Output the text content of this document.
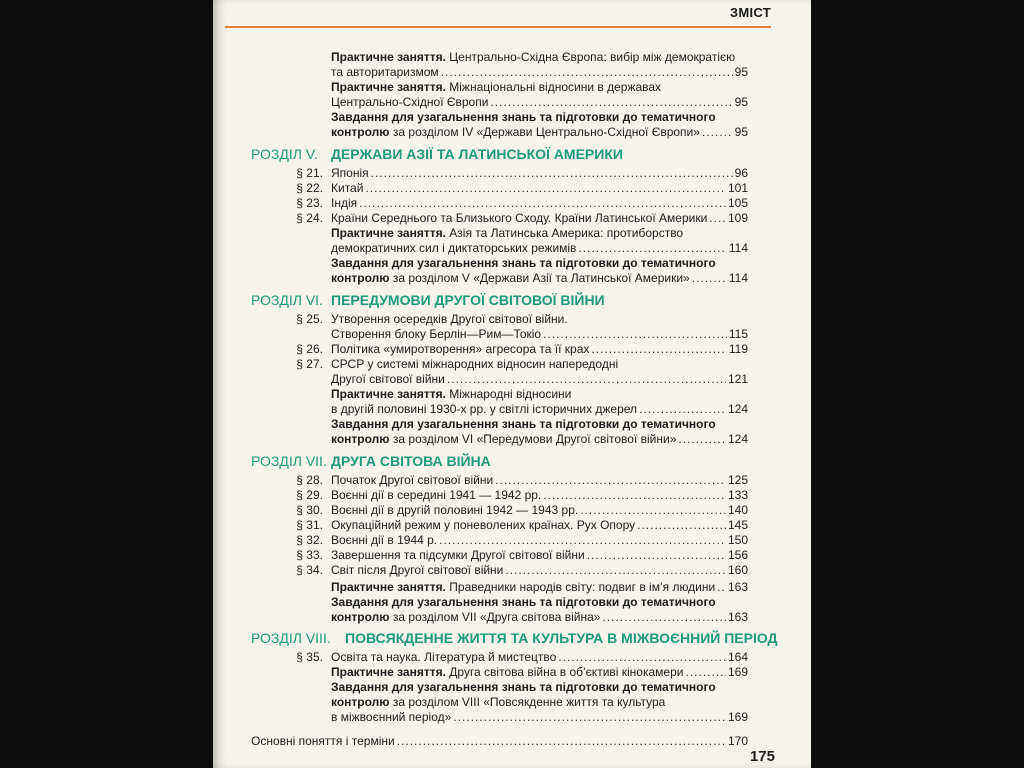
ЗМІСТ
Практичне заняття. Центрально-Східна Європа: вибір між демократією
та авторитаризмом .....	95
Практичне заняття. Міжнаціональні відносини в державах
Центрально-Східної Європи .....	95
Завдання для узагальнення знань та підготовки до тематичного
контролю за розділом IV «Держави Центрально-Східної Європи» .....	95
РОЗДІЛ V. ДЕРЖАВИ АЗІЇ ТА ЛАТИНСЬКОЇ АМЕРИКИ
§ 21. Японія .....	96
§ 22. Китай .....	101
§ 23. Індія .....	105
§ 24. Країни Середнього та Близького Сходу. Країни Латинської Америки ..... 109
Практичне заняття. Азія та Латинська Америка: протиборство
демократичних сил і диктаторських режимів .....	114
Завдання для узагальнення знань та підготовки до тематичного
контролю за розділом V «Держави Азії та Латинської Америки» .....	114
РОЗДІЛ VI. ПЕРЕДУМОВИ ДРУГОЇ СВІТОВОЇ ВІЙНИ
§ 25. Утворення осередків Другої світової війни.
Створення блоку Берлін—Рим—Токіо .....	115
§ 26. Політика «умиротворення» агресора та її крах .....	119
§ 27. СРСР у системі міжнародних відносин напередодні
Другої світової війни .....	121
Практичне заняття. Міжнародні відносини
в другій половині 1930-х рр. у світлі історичних джерел .....	124
Завдання для узагальнення знань та підготовки до тематичного
контролю за розділом VI «Передумови Другої світової війни» .....	124
РОЗДІЛ VII. ДРУГА СВІТОВА ВІЙНА
§ 28. Початок Другої світової війни .....	125
§ 29. Воєнні дії в середині 1941 — 1942 рр. .....	133
§ 30. Воєнні дії в другій половині 1942 — 1943 рр. .....	140
§ 31. Окупаційний режим у поневолених країнах. Рух Опору .....	145
§ 32. Воєнні дії в 1944 р. .....	150
§ 33. Завершення та підсумки Другої світової війни .....	156
§ 34. Світ після Другої світової війни .....	160
Практичне заняття. Праведники народів світу: подвиг в ім’я людини ..... 163
Завдання для узагальнення знань та підготовки до тематичного
контролю за розділом VII «Друга світова війна» .....	163
РОЗДІЛ VIII. ПОВСЯКДЕННЕ ЖИТТЯ ТА КУЛЬТУРА В МІЖВОЄННИЙ ПЕРІОД
§ 35. Освіта та наука. Література й мистецтво .....	164
Практичне заняття. Друга світова війна в об’єктиві кінокамери .....	169
Завдання для узагальнення знань та підготовки до тематичного
контролю за розділом VIII «Повсякденне життя та культура
в міжвоєнний період» .....	169
Основні поняття і терміни .....	170
175
